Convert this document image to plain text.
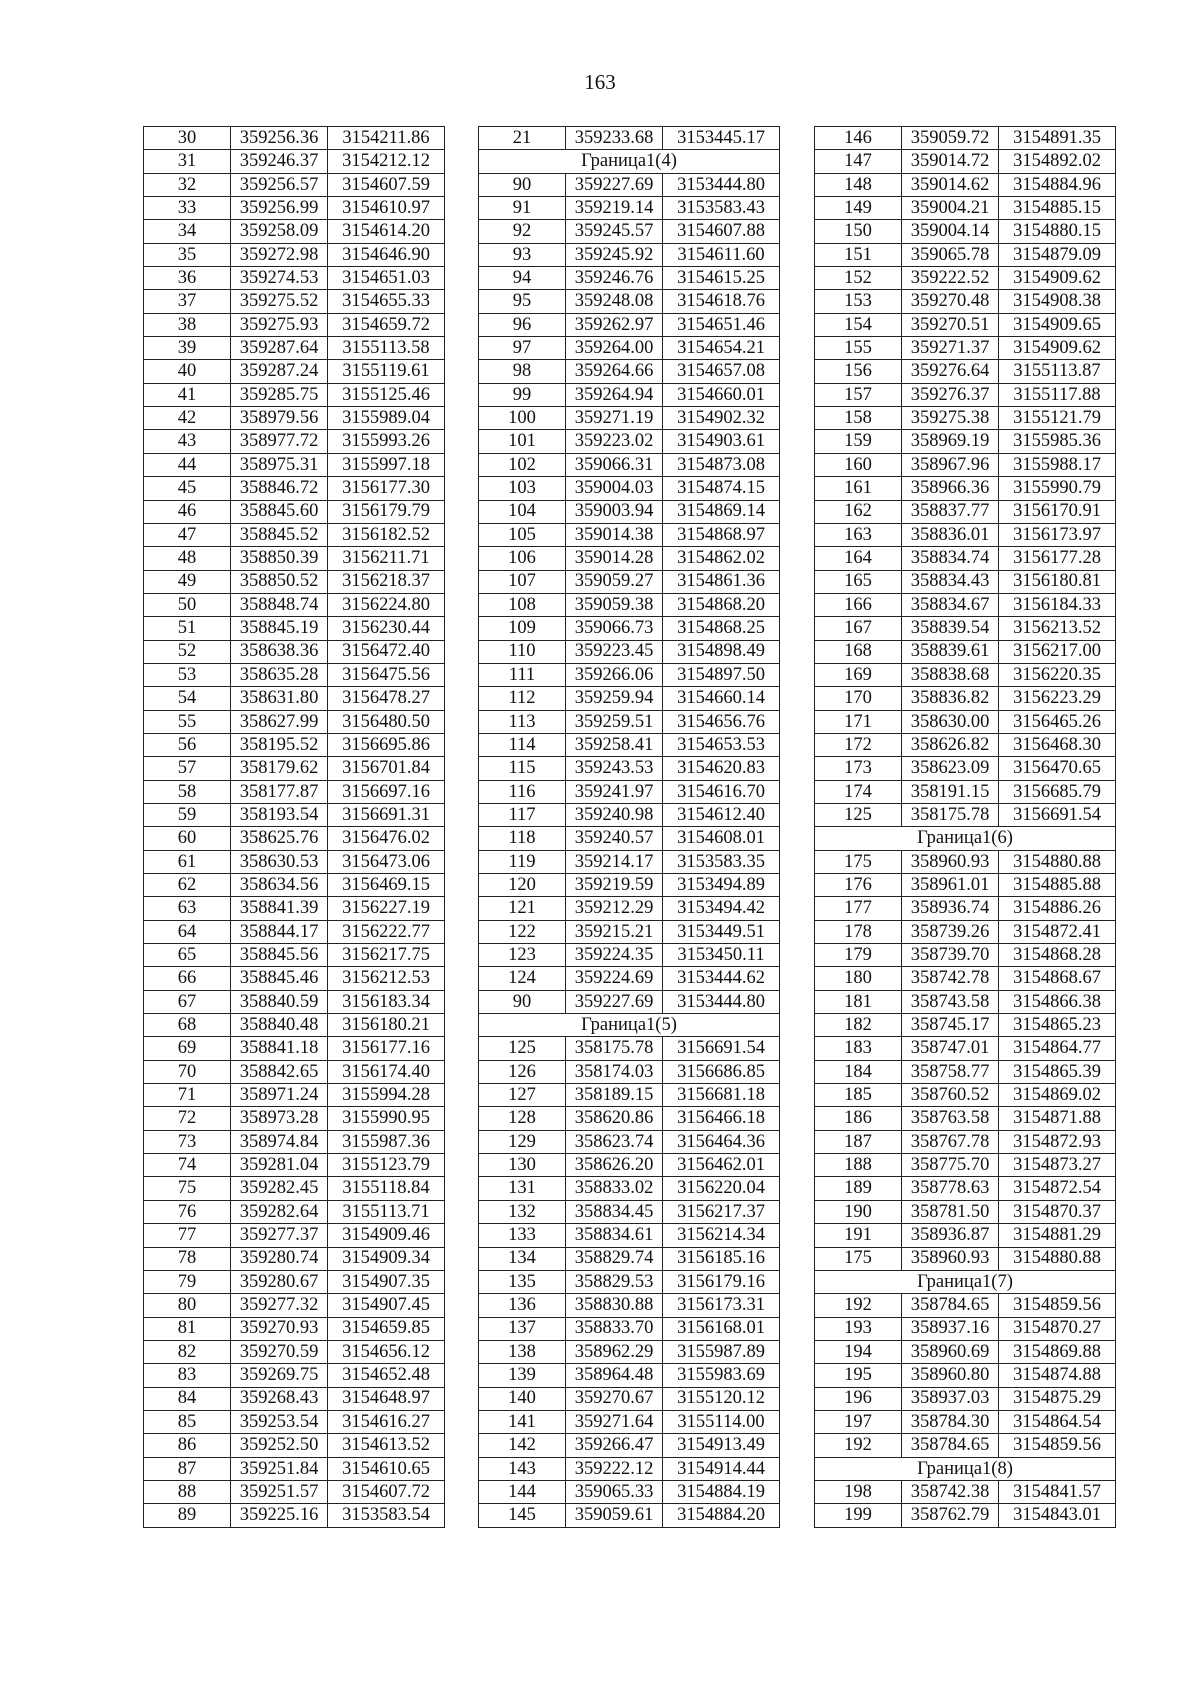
163
30	359256.36	3154211.86
31	359246.37	3154212.12
32	359256.57	3154607.59
33	359256.99	3154610.97
34	359258.09	3154614.20
35	359272.98	3154646.90
36	359274.53	3154651.03
37	359275.52	3154655.33
38	359275.93	3154659.72
39	359287.64	3155113.58
40	359287.24	3155119.61
41	359285.75	3155125.46
42	358979.56	3155989.04
43	358977.72	3155993.26
44	358975.31	3155997.18
45	358846.72	3156177.30
46	358845.60	3156179.79
47	358845.52	3156182.52
48	358850.39	3156211.71
49	358850.52	3156218.37
50	358848.74	3156224.80
51	358845.19	3156230.44
52	358638.36	3156472.40
53	358635.28	3156475.56
54	358631.80	3156478.27
55	358627.99	3156480.50
56	358195.52	3156695.86
57	358179.62	3156701.84
58	358177.87	3156697.16
59	358193.54	3156691.31
60	358625.76	3156476.02
61	358630.53	3156473.06
62	358634.56	3156469.15
63	358841.39	3156227.19
64	358844.17	3156222.77
65	358845.56	3156217.75
66	358845.46	3156212.53
67	358840.59	3156183.34
68	358840.48	3156180.21
69	358841.18	3156177.16
70	358842.65	3156174.40
71	358971.24	3155994.28
72	358973.28	3155990.95
73	358974.84	3155987.36
74	359281.04	3155123.79
75	359282.45	3155118.84
76	359282.64	3155113.71
77	359277.37	3154909.46
78	359280.74	3154909.34
79	359280.67	3154907.35
80	359277.32	3154907.45
81	359270.93	3154659.85
82	359270.59	3154656.12
83	359269.75	3154652.48
84	359268.43	3154648.97
85	359253.54	3154616.27
86	359252.50	3154613.52
87	359251.84	3154610.65
88	359251.57	3154607.72
89	359225.16	3153583.54
21	359233.68	3153445.17
Граница1(4)		
90	359227.69	3153444.80
91	359219.14	3153583.43
92	359245.57	3154607.88
93	359245.92	3154611.60
94	359246.76	3154615.25
95	359248.08	3154618.76
96	359262.97	3154651.46
97	359264.00	3154654.21
98	359264.66	3154657.08
99	359264.94	3154660.01
100	359271.19	3154902.32
101	359223.02	3154903.61
102	359066.31	3154873.08
103	359004.03	3154874.15
104	359003.94	3154869.14
105	359014.38	3154868.97
106	359014.28	3154862.02
107	359059.27	3154861.36
108	359059.38	3154868.20
109	359066.73	3154868.25
110	359223.45	3154898.49
111	359266.06	3154897.50
112	359259.94	3154660.14
113	359259.51	3154656.76
114	359258.41	3154653.53
115	359243.53	3154620.83
116	359241.97	3154616.70
117	359240.98	3154612.40
118	359240.57	3154608.01
119	359214.17	3153583.35
120	359219.59	3153494.89
121	359212.29	3153494.42
122	359215.21	3153449.51
123	359224.35	3153450.11
124	359224.69	3153444.62
90	359227.69	3153444.80
Граница1(5)		
125	358175.78	3156691.54
126	358174.03	3156686.85
127	358189.15	3156681.18
128	358620.86	3156466.18
129	358623.74	3156464.36
130	358626.20	3156462.01
131	358833.02	3156220.04
132	358834.45	3156217.37
133	358834.61	3156214.34
134	358829.74	3156185.16
135	358829.53	3156179.16
136	358830.88	3156173.31
137	358833.70	3156168.01
138	358962.29	3155987.89
139	358964.48	3155983.69
140	359270.67	3155120.12
141	359271.64	3155114.00
142	359266.47	3154913.49
143	359222.12	3154914.44
144	359065.33	3154884.19
145	359059.61	3154884.20
146	359059.72	3154891.35
147	359014.72	3154892.02
148	359014.62	3154884.96
149	359004.21	3154885.15
150	359004.14	3154880.15
151	359065.78	3154879.09
152	359222.52	3154909.62
153	359270.48	3154908.38
154	359270.51	3154909.65
155	359271.37	3154909.62
156	359276.64	3155113.87
157	359276.37	3155117.88
158	359275.38	3155121.79
159	358969.19	3155985.36
160	358967.96	3155988.17
161	358966.36	3155990.79
162	358837.77	3156170.91
163	358836.01	3156173.97
164	358834.74	3156177.28
165	358834.43	3156180.81
166	358834.67	3156184.33
167	358839.54	3156213.52
168	358839.61	3156217.00
169	358838.68	3156220.35
170	358836.82	3156223.29
171	358630.00	3156465.26
172	358626.82	3156468.30
173	358623.09	3156470.65
174	358191.15	3156685.79
125	358175.78	3156691.54
Граница1(6)		
175	358960.93	3154880.88
176	358961.01	3154885.88
177	358936.74	3154886.26
178	358739.26	3154872.41
179	358739.70	3154868.28
180	358742.78	3154868.67
181	358743.58	3154866.38
182	358745.17	3154865.23
183	358747.01	3154864.77
184	358758.77	3154865.39
185	358760.52	3154869.02
186	358763.58	3154871.88
187	358767.78	3154872.93
188	358775.70	3154873.27
189	358778.63	3154872.54
190	358781.50	3154870.37
191	358936.87	3154881.29
175	358960.93	3154880.88
Граница1(7)		
192	358784.65	3154859.56
193	358937.16	3154870.27
194	358960.69	3154869.88
195	358960.80	3154874.88
196	358937.03	3154875.29
197	358784.30	3154864.54
192	358784.65	3154859.56
Граница1(8)		
198	358742.38	3154841.57
199	358762.79	3154843.01
